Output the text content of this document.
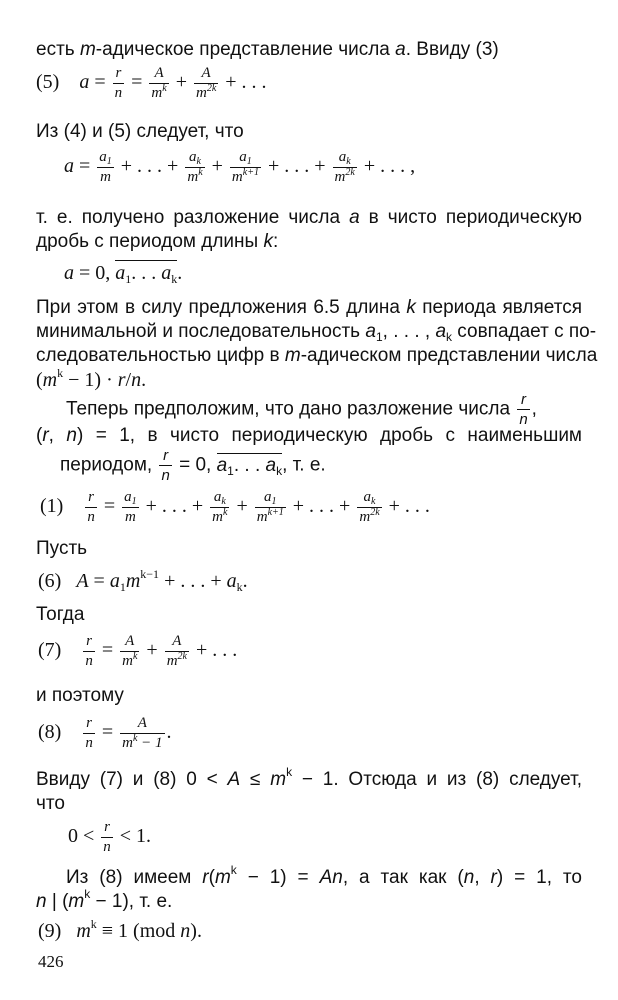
есть m-адическое представление числа a. Ввиду (3)
(5) $a = \frac{r}{n} = \frac{A}{m^k} + \frac{A}{m^{2k}}$ + . . .
Из (4) и (5) следует, что
$a = \frac{a_1}{m}$ + . . . + $\frac{a_k}{m^k} + \frac{a_1}{m^{k+1}}$ + . . . + $\frac{a_k}{m^{2k}}$ + . . . ,
т. е. получено разложение числа a в чисто периодическую
дробь с периодом длины k:
a = 0, $a_1$. . . $a_k$.
При этом в силу предложения 6.5 длина k периода является
минимальной и последовательность $a_1$, . . . , $a_k$ совпадает с по-
следовательностью цифр в m-адическом представлении числа
$(m^k - 1) \cdot r/n$.
Теперь предположим, что дано разложение числа $\frac{r}{n}$ ,
(r, n) = 1, в чисто периодическую дробь с наименьшим
периодом, $\frac{r}{n} = 0$, $a_1$. . . $a_k$, т. е.
$(1) \frac{r}{n} = \frac{a_1}{m}$ + . . . + $\frac{a_k}{m^k} + \frac{a_1}{m^{k+1}}$ + . . . + $\frac{a_k}{m^{2k}}$ + . . .
Пусть
(6) $A = a_1m^{k-1}$ + . . . + $a_k$.
Тогда
$(7) \frac{r}{n} = \frac{A}{m^k} + \frac{A}{m^{2k}}$ + . . .
и поэтому
$(8) \frac{r}{n} = \frac{A}{m^k - 1}$ .
Ввиду (7) и (8) $0 < A \le m^k - 1$. Отсюда и из (8) следует,
что
$0 < \frac{r}{n} < 1$.
Из (8) имеем $r(m^k - 1) = An$, а так как (n, r) = 1, то
n | $(m^k - 1)$, т. е.
(9) $m^k \equiv 1$ (mod n).
426
